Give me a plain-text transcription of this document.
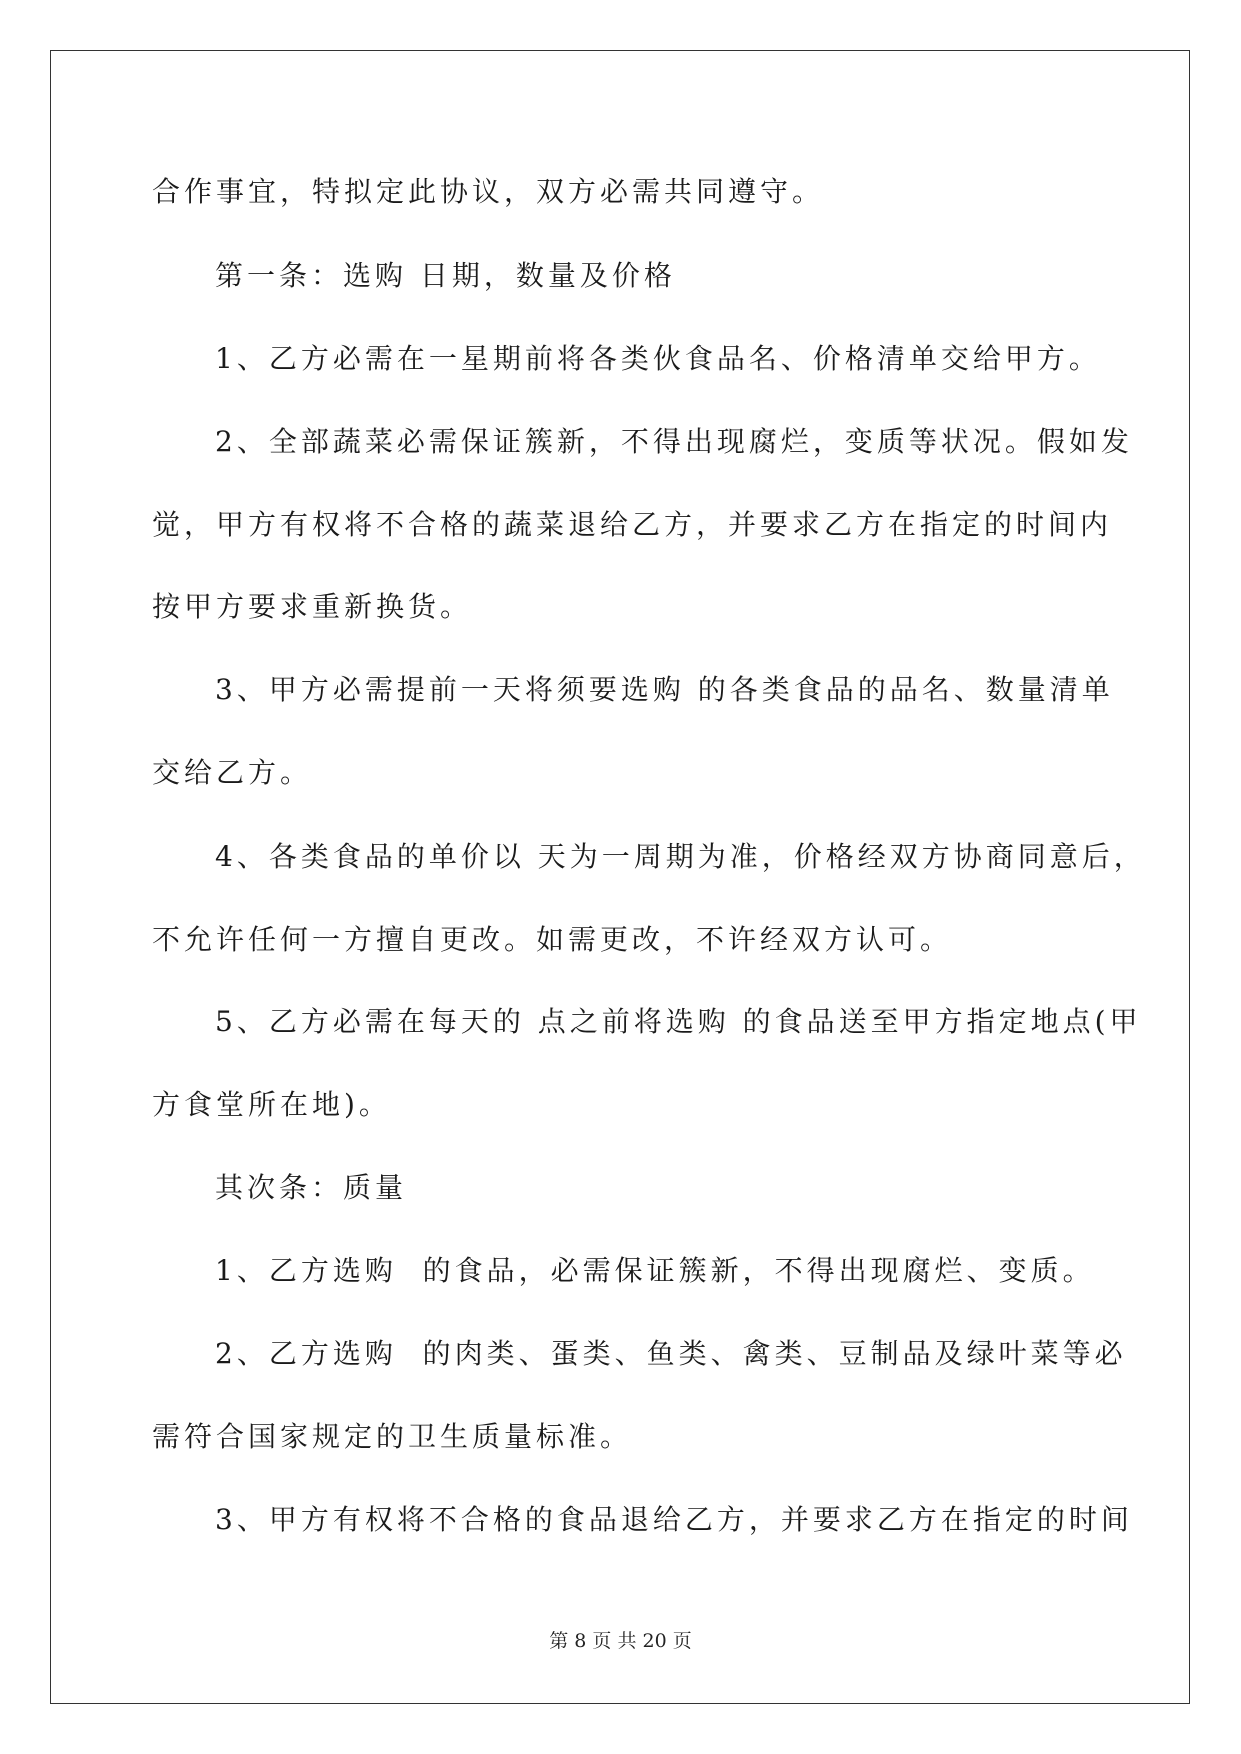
合作事宜，特拟定此协议，双方必需共同遵守。
第一条：选购 日期，数量及价格
1、乙方必需在一星期前将各类伙食品名、价格清单交给甲方。
2、全部蔬菜必需保证簇新，不得出现腐烂，变质等状况。假如发
觉，甲方有权将不合格的蔬菜退给乙方，并要求乙方在指定的时间内
按甲方要求重新换货。
3、甲方必需提前一天将须要选购 的各类食品的品名、数量清单
交给乙方。
4、各类食品的单价以 天为一周期为准，价格经双方协商同意后，
不允许任何一方擅自更改。如需更改，不许经双方认可。
5、乙方必需在每天的 点之前将选购 的食品送至甲方指定地点(甲
方食堂所在地)。
其次条：质量
1、乙方选购  的食品，必需保证簇新，不得出现腐烂、变质。
2、乙方选购  的肉类、蛋类、鱼类、禽类、豆制品及绿叶菜等必
需符合国家规定的卫生质量标准。
3、甲方有权将不合格的食品退给乙方，并要求乙方在指定的时间
第 8 页 共 20 页
